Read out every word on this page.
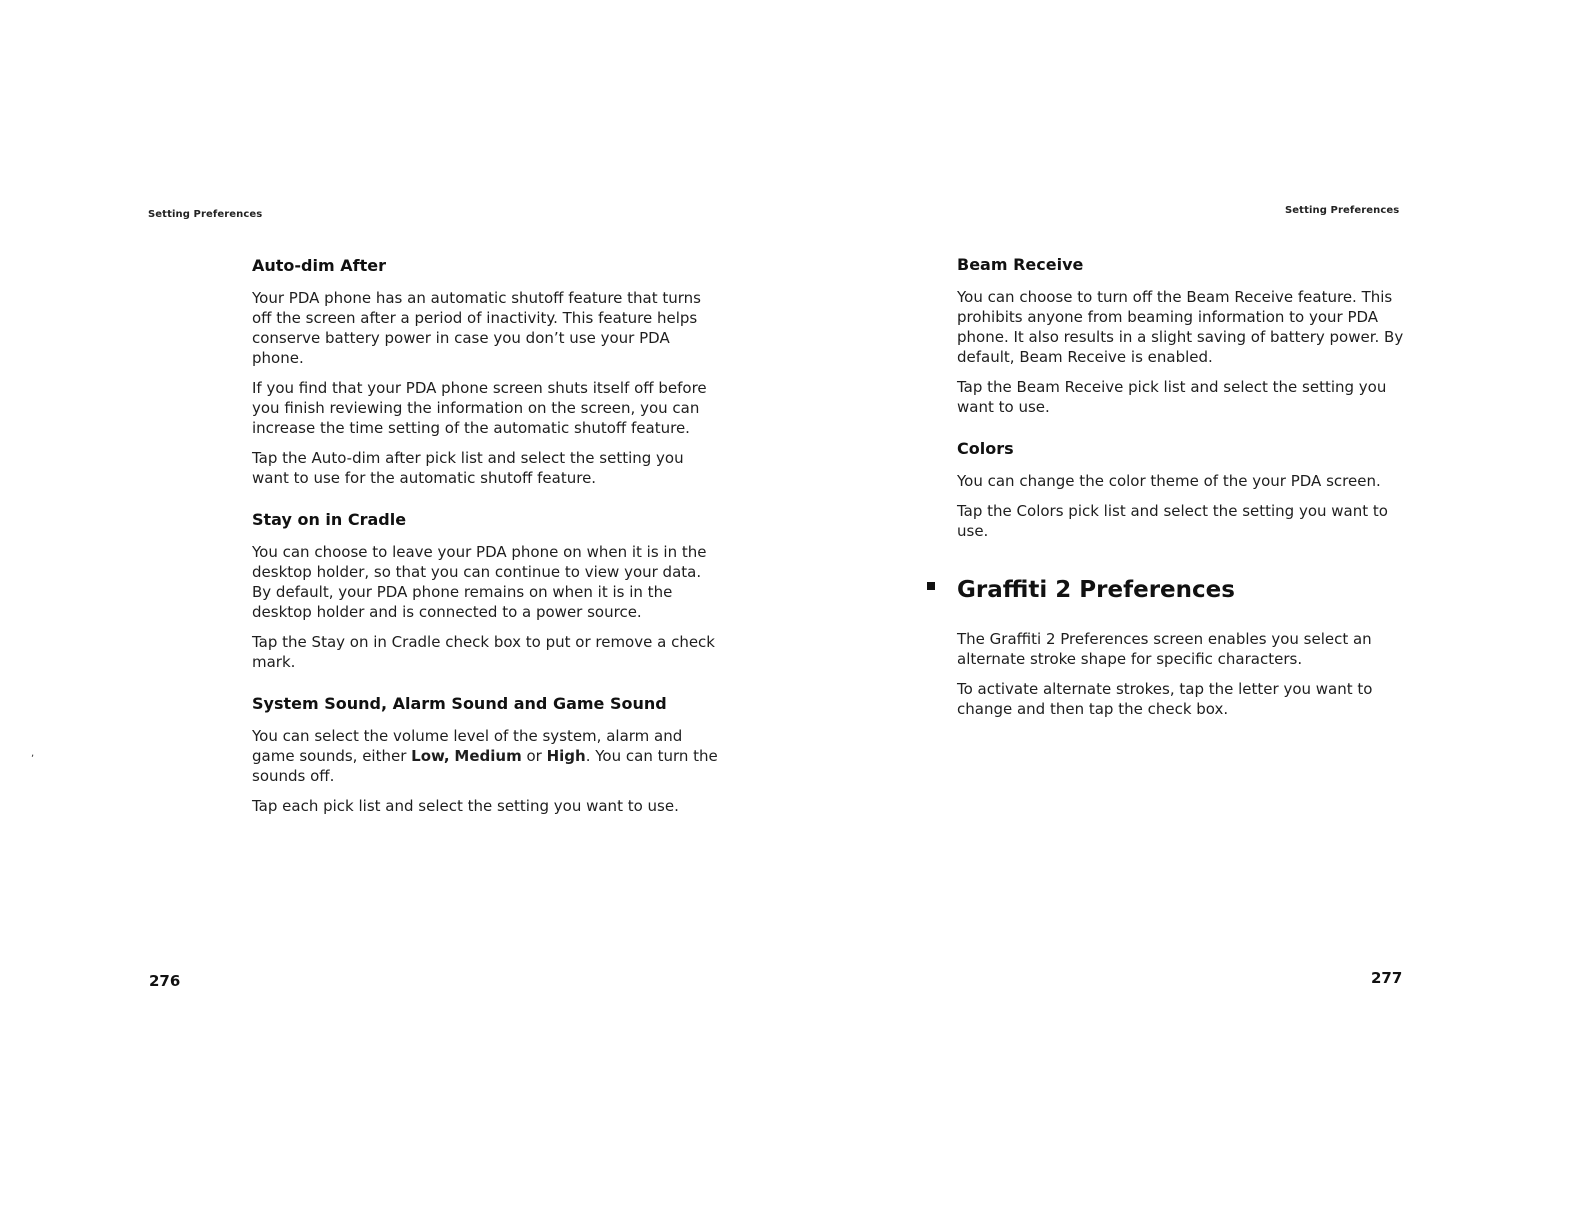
Setting Preferences
,
Auto-dim After

Your PDA phone has an automatic shutoff feature that turns off the screen after a period of inactivity. This feature helps conserve battery power in case you don’t use your PDA phone.

If you find that your PDA phone screen shuts itself off before you finish reviewing the information on the screen, you can increase the time setting of the automatic shutoff feature.

Tap the Auto-dim after pick list and select the setting you want to use for the automatic shutoff feature.

Stay on in Cradle

You can choose to leave your PDA phone on when it is in the desktop holder, so that you can continue to view your data. By default, your PDA phone remains on when it is in the desktop holder and is connected to a power source.

Tap the Stay on in Cradle check box to put or remove a check mark.

System Sound, Alarm Sound and Game Sound

You can select the volume level of the system, alarm and game sounds, either Low, Medium or High. You can turn the sounds off.

Tap each pick list and select the setting you want to use.

276
Setting Preferences
Beam Receive

You can choose to turn off the Beam Receive feature. This prohibits anyone from beaming information to your PDA phone. It also results in a slight saving of battery power. By default, Beam Receive is enabled.

Tap the Beam Receive pick list and select the setting you want to use.

Colors

You can change the color theme of the your PDA screen.

Tap the Colors pick list and select the setting you want to use.

Graffiti 2 Preferences

The Graffiti 2 Preferences screen enables you select an alternate stroke shape for specific characters.

To activate alternate strokes, tap the letter you want to change and then tap the check box.

277
